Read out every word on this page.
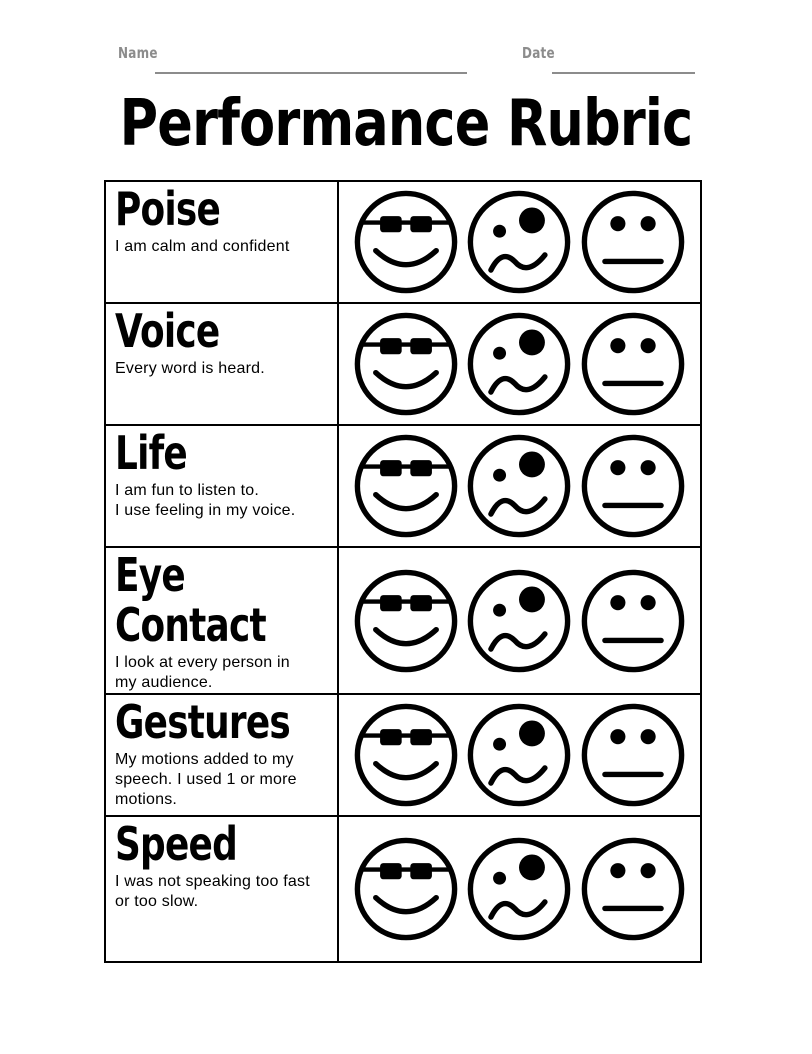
Name	Date
Performance Rubric
Poise
I am calm and confident

Voice
Every word is heard.

Life
I am fun to listen to.
I use feeling in my voice.

Eye
Contact
I look at every person in
my audience.

Gestures
My motions added to my
speech. I used 1 or more
motions.

Speed
I was not speaking too fast
or too slow.
